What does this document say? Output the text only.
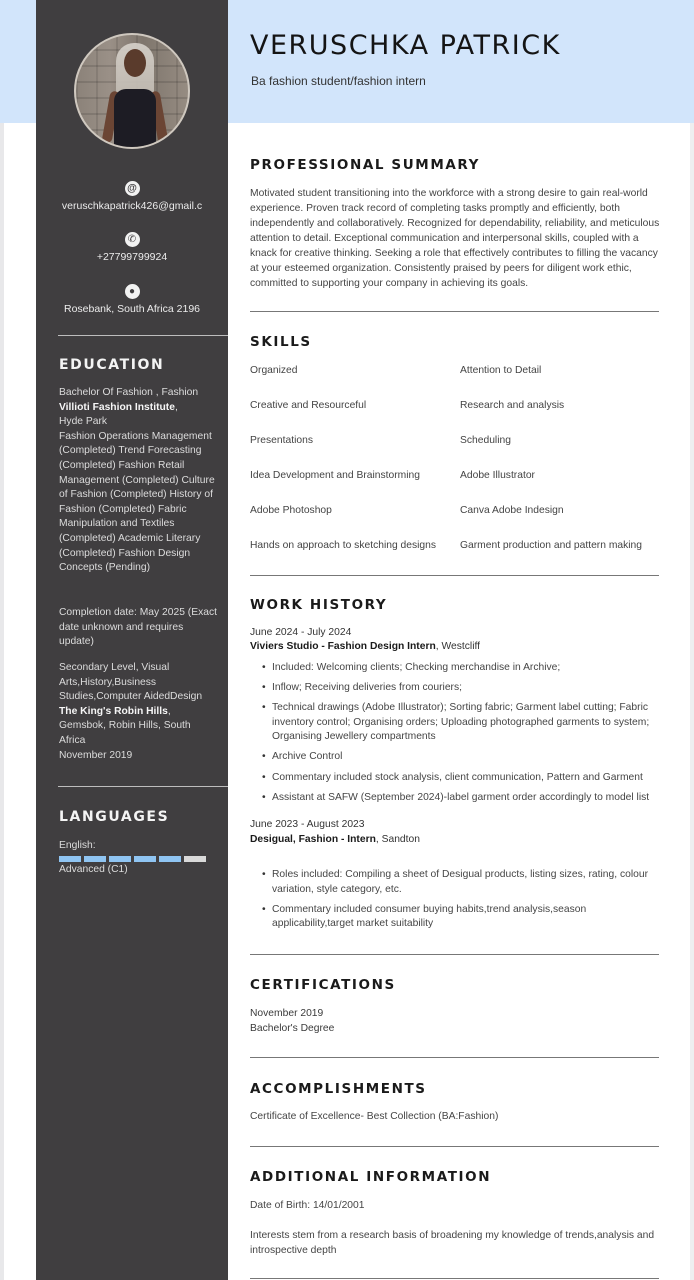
@
veruschkapatrick426@gmail.c
✆
+27799799924
●
Rosebank, South Africa 2196
EDUCATION
Bachelor Of Fashion , Fashion
Villioti Fashion Institute,
Hyde Park
Fashion Operations Management (Completed) Trend Forecasting (Completed) Fashion Retail Management (Completed) Culture of Fashion (Completed) History of Fashion (Completed) Fabric Manipulation and Textiles (Completed) Academic Literary (Completed) Fashion Design Concepts (Pending)
Completion date: May 2025 (Exact date unknown and requires update)
Secondary Level, Visual Arts,History,Business Studies,Computer AidedDesign
The King's Robin Hills,
Gemsbok, Robin Hills, South Africa
November 2019
LANGUAGES
English:
Advanced (C1)
VERUSCHKA PATRICK
Ba fashion student/fashion intern
PROFESSIONAL SUMMARY

Motivated student transitioning into the workforce with a strong desire to gain real-world experience. Proven track record of completing tasks promptly and efficiently, both independently and collaboratively. Recognized for dependability, reliability, and meticulous attention to detail. Exceptional communication and interpersonal skills, coupled with a knack for creative thinking. Seeking a role that effectively contributes to filling the vacancy at your esteemed organization. Consistently praised by peers for diligent work ethic, committed to supporting your company in achieving its goals.

SKILLS
Organized	Attention to Detail
Creative and Resourceful	Research and analysis
Presentations	Scheduling
Idea Development and Brainstorming	Adobe Illustrator
Adobe Photoshop	Canva Adobe Indesign
Hands on approach to sketching designs	Garment production and pattern making
WORK HISTORY
June 2024 - July 2024
Viviers Studio - Fashion Design Intern, Westcliff
• Included: Welcoming clients; Checking merchandise in Archive;
• Inflow; Receiving deliveries from couriers;
• Technical drawings (Adobe Illustrator); Sorting fabric; Garment label cutting; Fabric inventory control; Organising orders; Uploading photographed garments to system; Organising Jewellery compartments
• Archive Control
• Commentary included stock analysis, client communication, Pattern and Garment
• Assistant at SAFW (September 2024)-label garment order accordingly to model list
June 2023 - August 2023
Desigual, Fashion - Intern, Sandton
• Roles included: Compiling a sheet of Desigual products, listing sizes, rating, colour variation, style category, etc.
• Commentary included consumer buying habits,trend analysis,season applicability,target market suitability
CERTIFICATIONS
November 2019
Bachelor's Degree
ACCOMPLISHMENTS
Certificate of Excellence- Best Collection (BA:Fashion)
ADDITIONAL INFORMATION
Date of Birth: 14/01/2001
Interests stem from a research basis of broadening my knowledge of trends,analysis and introspective depth
